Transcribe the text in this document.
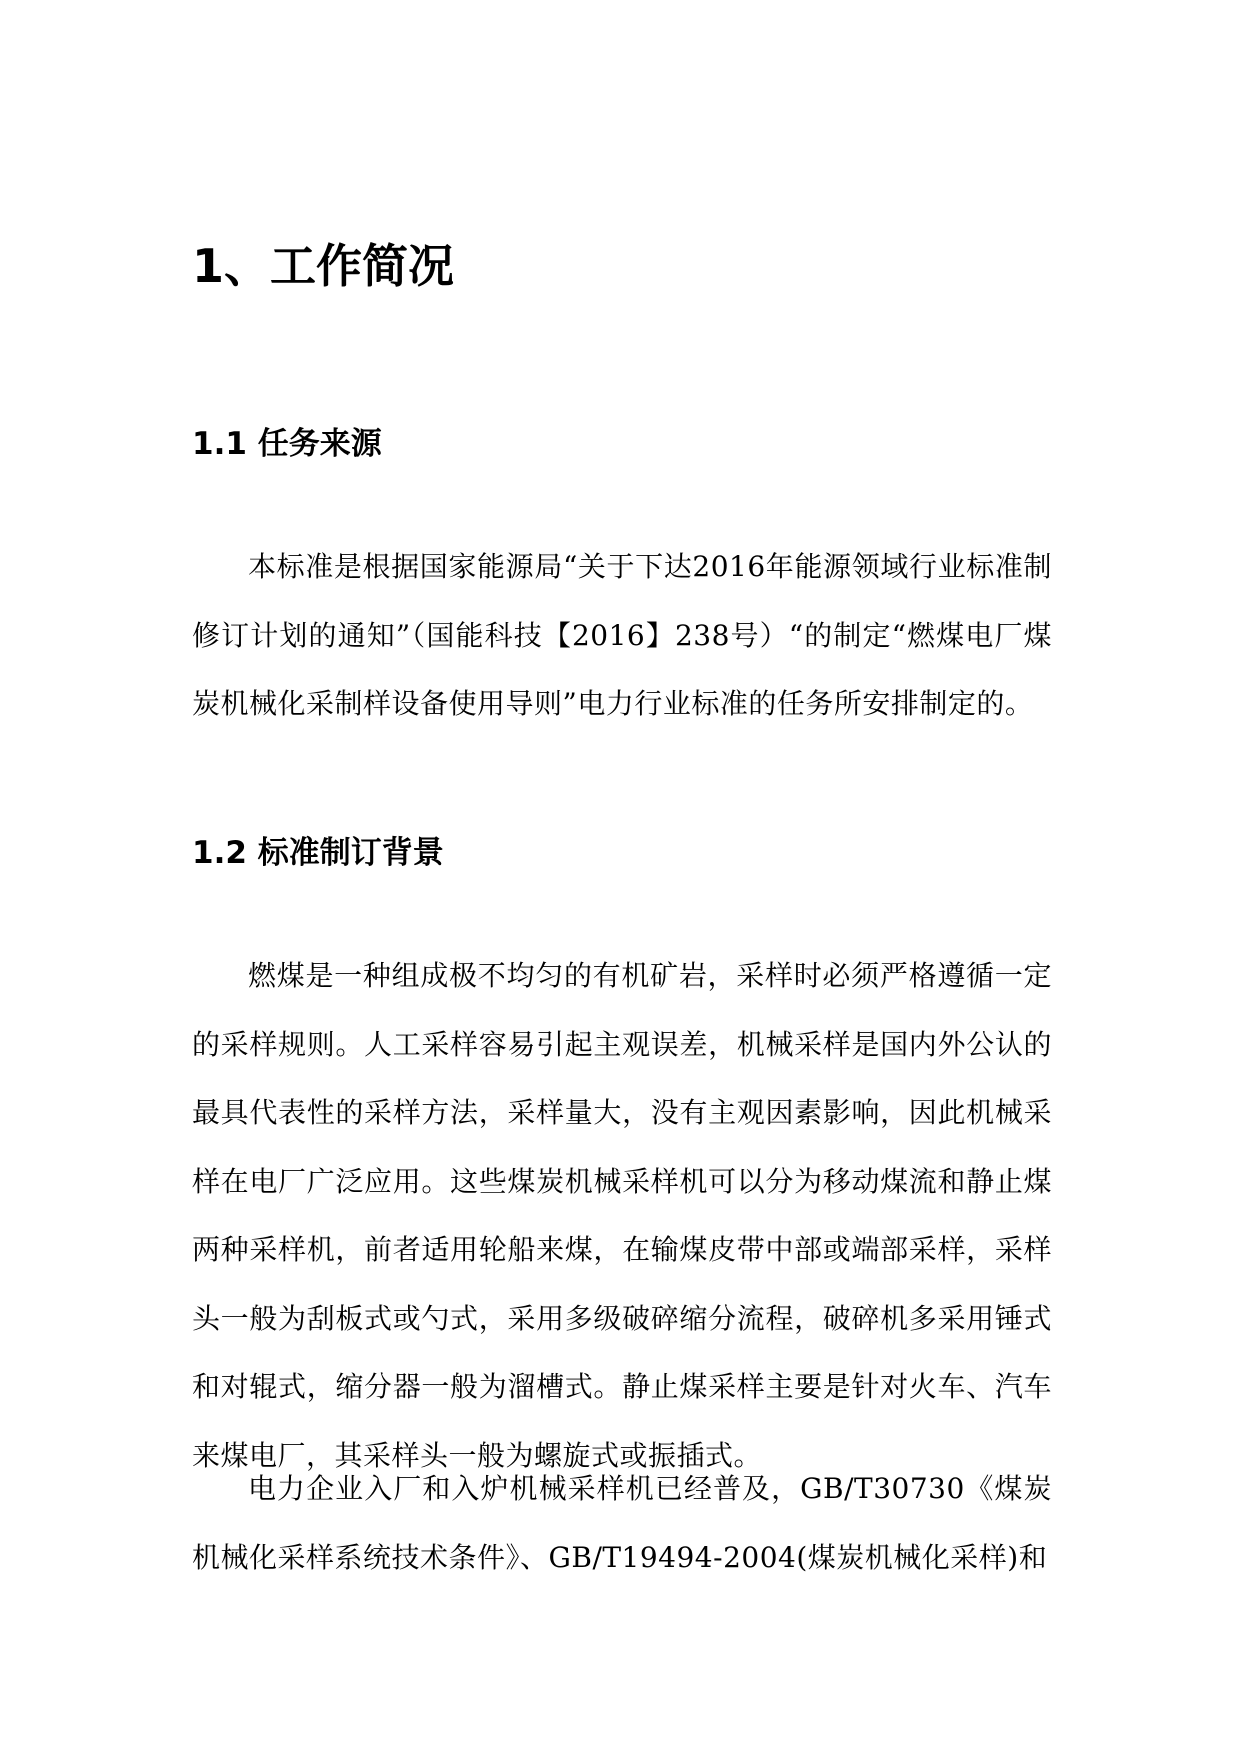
1、工作简况
1.1 任务来源

本标准是根据国家能源局“关于下达2016年能源领域行业标准制修订计划的通知”（国能科技【2016】238号）“的制定“燃煤电厂煤炭机械化采制样设备使用导则”电力行业标准的任务所安排制定的。

1.2 标准制订背景

燃煤是一种组成极不均匀的有机矿岩，采样时必须严格遵循一定的采样规则。人工采样容易引起主观误差，机械采样是国内外公认的最具代表性的采样方法，采样量大，没有主观因素影响，因此机械采样在电厂广泛应用。这些煤炭机械采样机可以分为移动煤流和静止煤两种采样机，前者适用轮船来煤，在输煤皮带中部或端部采样，采样头一般为刮板式或勺式，采用多级破碎缩分流程，破碎机多采用锤式和对辊式，缩分器一般为溜槽式。静止煤采样主要是针对火车、汽车来煤电厂，其采样头一般为螺旋式或振插式。

电力企业入厂和入炉机械采样机已经普及，GB/T30730《煤炭机械化采样系统技术条件》、GB/T19494-2004(煤炭机械化采样)和
